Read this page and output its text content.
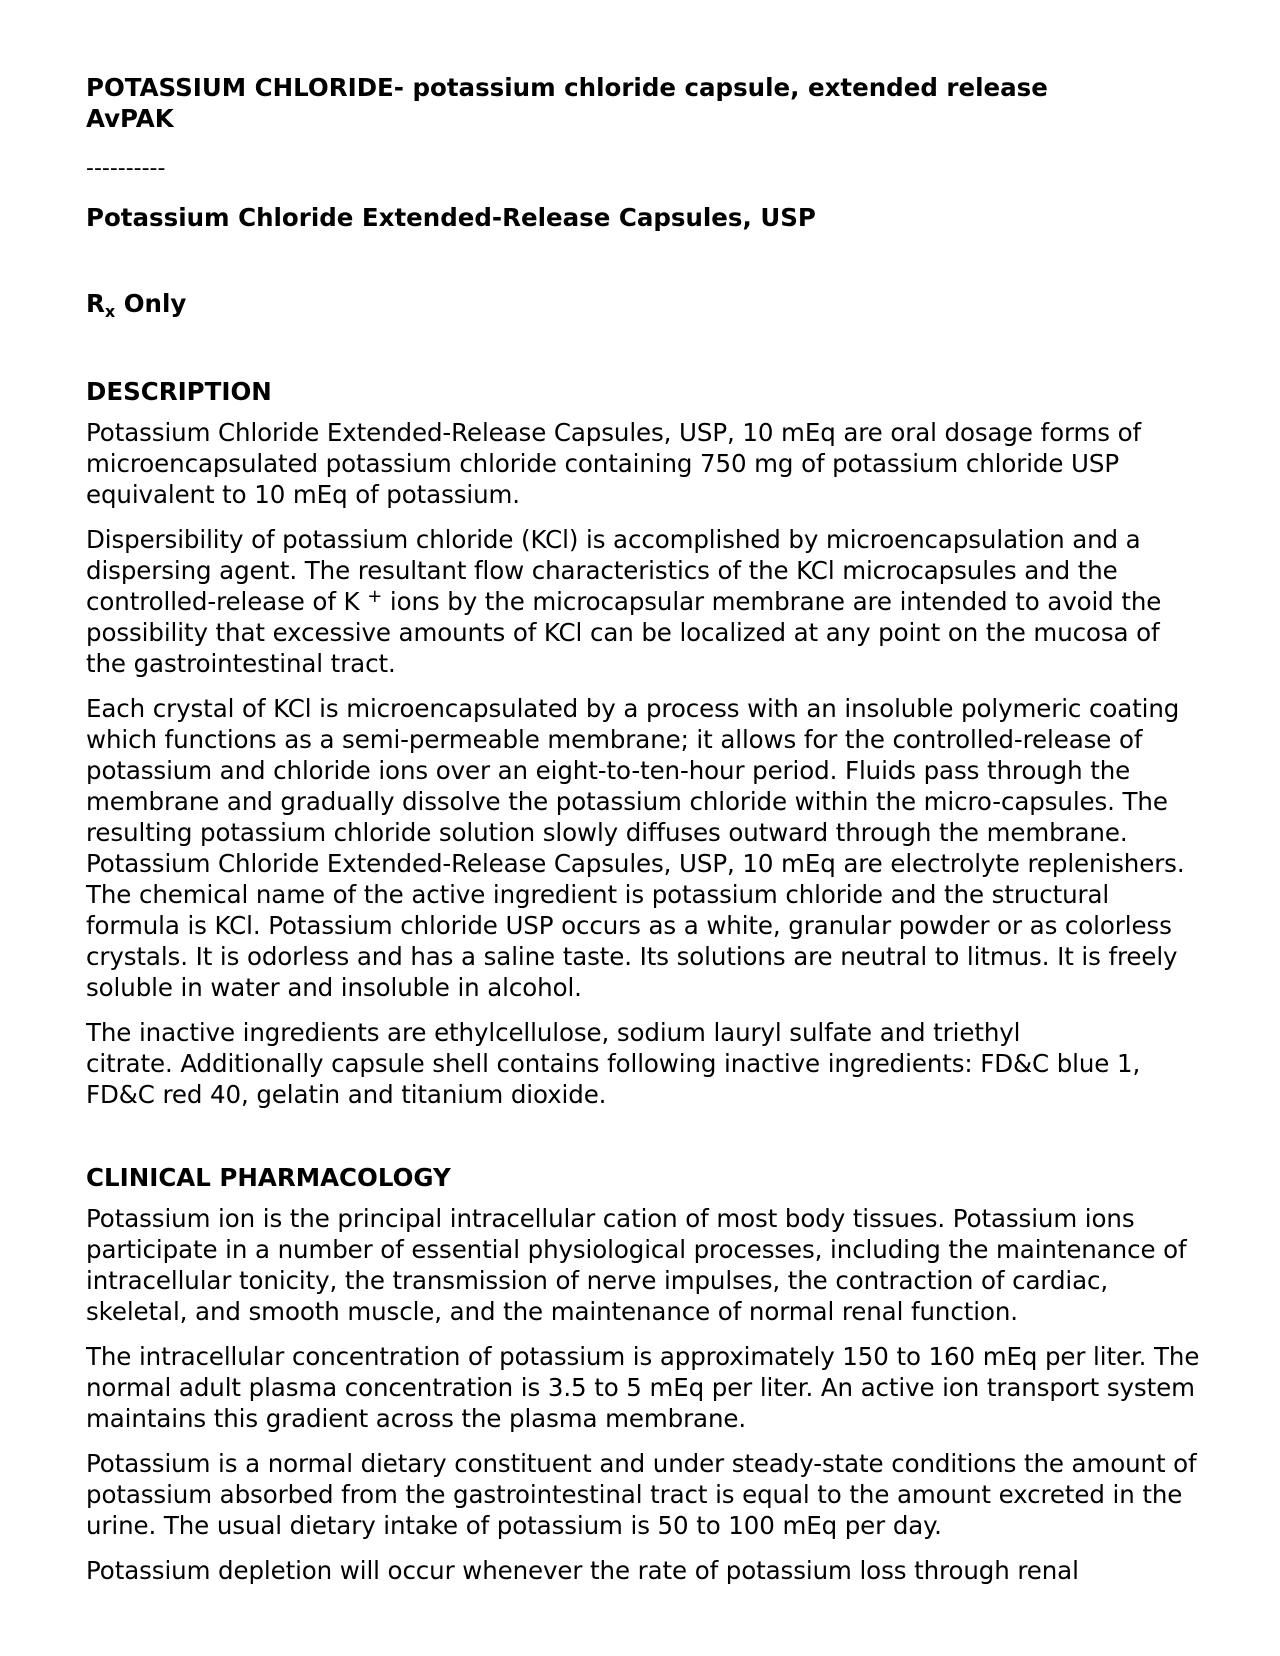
POTASSIUM CHLORIDE- potassium chloride capsule, extended release
AvPAK
----------
Potassium Chloride Extended-Release Capsules, USP
$R_x$ Only
DESCRIPTION

Potassium Chloride Extended-Release Capsules, USP, 10 mEq are oral dosage forms of microencapsulated potassium chloride containing 750 mg of potassium chloride USP equivalent to 10 mEq of potassium.

Dispersibility of potassium chloride (KCl) is accomplished by microencapsulation and a dispersing agent. The resultant flow characteristics of the KCl microcapsules and the controlled-release of K + ions by the microcapsular membrane are intended to avoid the possibility that excessive amounts of KCl can be localized at any point on the mucosa of the gastrointestinal tract.

Each crystal of KCl is microencapsulated by a process with an insoluble polymeric coating which functions as a semi-permeable membrane; it allows for the controlled-release of potassium and chloride ions over an eight-to-ten-hour period. Fluids pass through the membrane and gradually dissolve the potassium chloride within the micro-capsules. The resulting potassium chloride solution slowly diffuses outward through the membrane. Potassium Chloride Extended-Release Capsules, USP, 10 mEq are electrolyte replenishers. The chemical name of the active ingredient is potassium chloride and the structural formula is KCl. Potassium chloride USP occurs as a white, granular powder or as colorless crystals. It is odorless and has a saline taste. Its solutions are neutral to litmus. It is freely soluble in water and insoluble in alcohol.

The inactive ingredients are ethylcellulose, sodium lauryl sulfate and triethyl
citrate. Additionally capsule shell contains following inactive ingredients: FD&C blue 1, FD&C red 40, gelatin and titanium dioxide.

CLINICAL PHARMACOLOGY

Potassium ion is the principal intracellular cation of most body tissues. Potassium ions participate in a number of essential physiological processes, including the maintenance of intracellular tonicity, the transmission of nerve impulses, the contraction of cardiac, skeletal, and smooth muscle, and the maintenance of normal renal function.

The intracellular concentration of potassium is approximately 150 to 160 mEq per liter. The normal adult plasma concentration is 3.5 to 5 mEq per liter. An active ion transport system maintains this gradient across the plasma membrane.

Potassium is a normal dietary constituent and under steady-state conditions the amount of potassium absorbed from the gastrointestinal tract is equal to the amount excreted in the urine. The usual dietary intake of potassium is 50 to 100 mEq per day.

Potassium depletion will occur whenever the rate of potassium loss through renal
